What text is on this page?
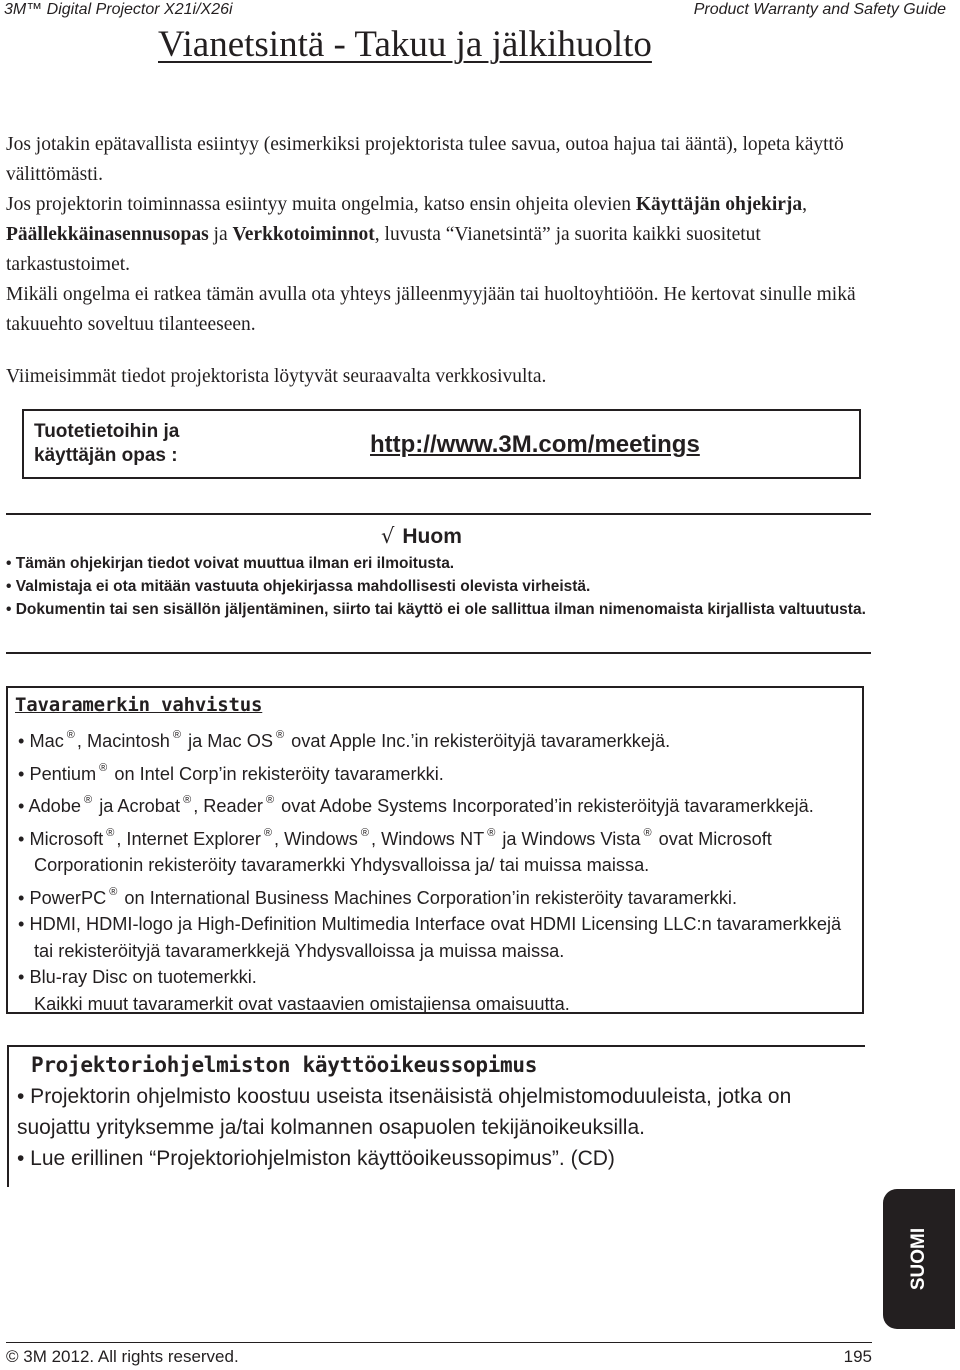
3M™ Digital Projector X21i/X26i	Product Warranty and Safety Guide
Vianetsintä - Takuu ja jälkihuolto

Jos jotakin epätavallista esiintyy (esimerkiksi projektorista tulee savua, outoa hajua tai ääntä), lopeta käyttö välittömästi.

Jos projektorin toiminnassa esiintyy muita ongelmia, katso ensin ohjeita olevien Käyttäjän ohjekirja, Päällekkäinasennusopas ja Verkkotoiminnot, luvusta “Vianetsintä” ja suorita kaikki suositetut tarkastustoimet.

Mikäli ongelma ei ratkea tämän avulla ota yhteys jälleenmyyjään tai huoltoyhtiöön. He kertovat sinulle mikä takuuehto soveltuu tilanteeseen.

Viimeisimmät tiedot projektorista löytyvät seuraavalta verkkosivulta.
Tuotetietoihin ja käyttäjän opas :	http://www.3M.com/meetings
√ Huom
• Tämän ohjekirjan tiedot voivat muuttua ilman eri ilmoitusta.
• Valmistaja ei ota mitään vastuuta ohjekirjassa mahdollisesti olevista virheistä.
• Dokumentin tai sen sisällön jäljentäminen, siirto tai käyttö ei ole sallittua ilman nimenomaista kirjallista valtuutusta.
Tavaramerkin vahvistus
• Mac ® , Macintosh ® ja Mac OS ® ovat Apple Inc.’in rekisteröityjä tavaramerkkejä.
• Pentium ® on Intel Corp’in rekisteröity tavaramerkki.
• Adobe ® ja Acrobat ® , Reader ® ovat Adobe Systems Incorporated’in rekisteröityjä tavaramerkkejä.
• Microsoft ® , Internet Explorer ® , Windows ® , Windows NT ® ja Windows Vista ® ovat Microsoft Corporationin rekisteröity tavaramerkki Yhdysvalloissa ja/ tai muissa maissa.
• PowerPC ® on International Business Machines Corporation’in rekisteröity tavaramerkki.
• HDMI, HDMI-logo ja High-Definition Multimedia Interface ovat HDMI Licensing LLC:n tavaramerkkejä tai rekisteröityjä tavaramerkkejä Yhdysvalloissa ja muissa maissa.
• Blu-ray Disc on tuotemerkki.
Kaikki muut tavaramerkit ovat vastaavien omistajiensa omaisuutta.
Projektoriohjelmiston käyttöoikeussopimus
• Projektorin ohjelmisto koostuu useista itsenäisistä ohjelmistomoduuleista, jotka on suojattu yrityksemme ja/tai kolmannen osapuolen tekijänoikeuksilla.
• Lue erillinen “Projektoriohjelmiston käyttöoikeussopimus”. (CD)
SUOMI
© 3M 2012. All rights reserved.	195
